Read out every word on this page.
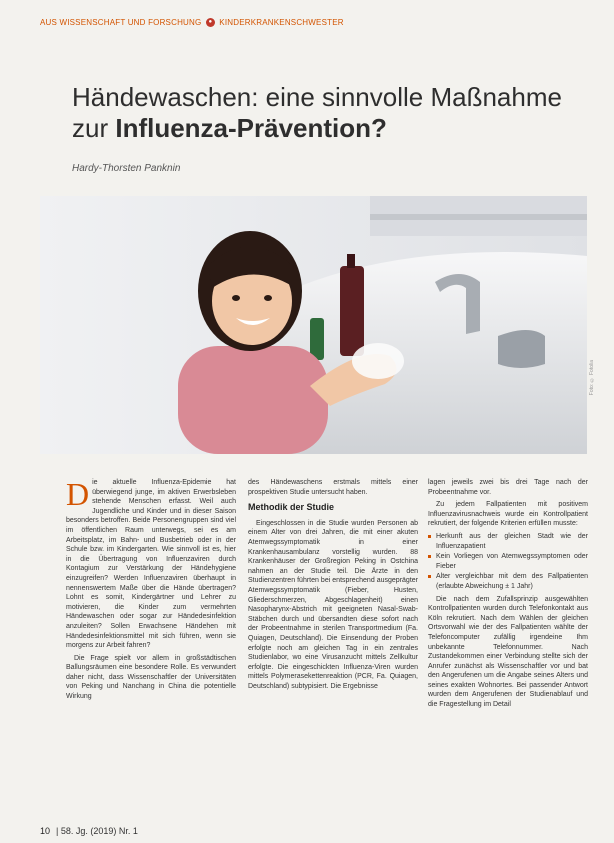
AUS WISSENSCHAFT UND FORSCHUNG ● KINDERKRANKENSCHWESTER
Händewaschen: eine sinnvolle Maßnahme
zur Influenza-Prävention?
Hardy-Thorsten Panknin
Foto: © Fotolia

Die aktuelle Influenza-Epidemie hat überwiegend junge, im aktiven Erwerbsleben stehende Menschen erfasst. Weil auch Jugendliche und Kinder und in dieser Saison besonders betroffen. Beide Personengruppen sind viel im öffentlichen Raum unterwegs, sei es am Arbeitsplatz, im Bahn- und Busbetrieb oder in der Schule bzw. im Kindergarten. Wie sinnvoll ist es, hier in die Übertragung von Influenzaviren durch Kontagium zur Verstärkung der Händehygiene einzugreifen? Werden Influenzaviren überhaupt in nennenswertem Maße über die Hände übertragen? Lohnt es somit, Kindergärtner und Lehrer zu motivieren, die Kinder zum vermehrten Händewaschen oder sogar zur Händedesinfektion anzuleiten? Sollen Erwachsene Händehen mit Händedesinfektionsmittel mit sich führen, wenn sie morgens zur Arbeit fahren?

Die Frage spielt vor allem in großstädtischen Ballungsräumen eine besondere Rolle. Es verwundert daher nicht, dass Wissenschaftler der Universitäten von Peking und Nanchang in China die potentielle Wirkung

des Händewaschens erstmals mittels einer prospektiven Studie untersucht haben.

Methodik der Studie

Eingeschlossen in die Studie wurden Personen ab einem Alter von drei Jahren, die mit einer akuten Atemwegssymptomatik in einer Krankenhausambulanz vorstellig wurden. 88 Krankenhäuser der Großregion Peking in Ostchina nahmen an der Studie teil. Die Ärzte in den Studienzentren führten bei entsprechend ausgeprägter Atemwegssymptomatik (Fieber, Husten, Gliederschmerzen, Abgeschlagenheit) einen Nasopharynx-Abstrich mit geeigneten Nasal-Swab-Stäbchen durch und übersandten diese sofort nach der Probeentnahme in sterilen Transportmedium (Fa. Quiagen, Deutschland). Die Einsendung der Proben erfolgte noch am gleichen Tag in ein zentrales Studienlabor, wo eine Virusanzucht mittels Zellkultur erfolgte. Die eingeschickten Influenza-Viren wurden mittels Polymerasekettenreaktion (PCR, Fa. Quiagen, Deutschland) subtypisiert. Die Ergebnisse

lagen jeweils zwei bis drei Tage nach der Probeentnahme vor.

Zu jedem Fallpatienten mit positivem Influenzavirusnachweis wurde ein Kontrollpatient rekrutiert, der folgende Kriterien erfüllen musste:

Herkunft aus der gleichen Stadt wie der Influenzapatient
Kein Vorliegen von Atemwegssymptomen oder Fieber
Alter vergleichbar mit dem des Fallpatienten (erlaubte Abweichung ± 1 Jahr)

Die nach dem Zufallsprinzip ausgewählten Kontrollpatienten wurden durch Telefonkontakt aus Köln rekrutiert. Nach dem Wählen der gleichen Ortsvorwahl wie der des Fallpatienten wählte der Telefoncomputer zufällig irgendeine Ihm unbekannte Telefonnummer. Nach Zustandekommen einer Verbindung stellte sich der Anrufer zunächst als Wissenschaftler vor und bat den Angerufenen um die Angabe seines Alters und seines exakten Wohnortes. Bei passender Antwort wurden dem Angerufenen der Studienablauf und die Fragestellung im Detail

10 | 58. Jg. (2019) Nr. 1
